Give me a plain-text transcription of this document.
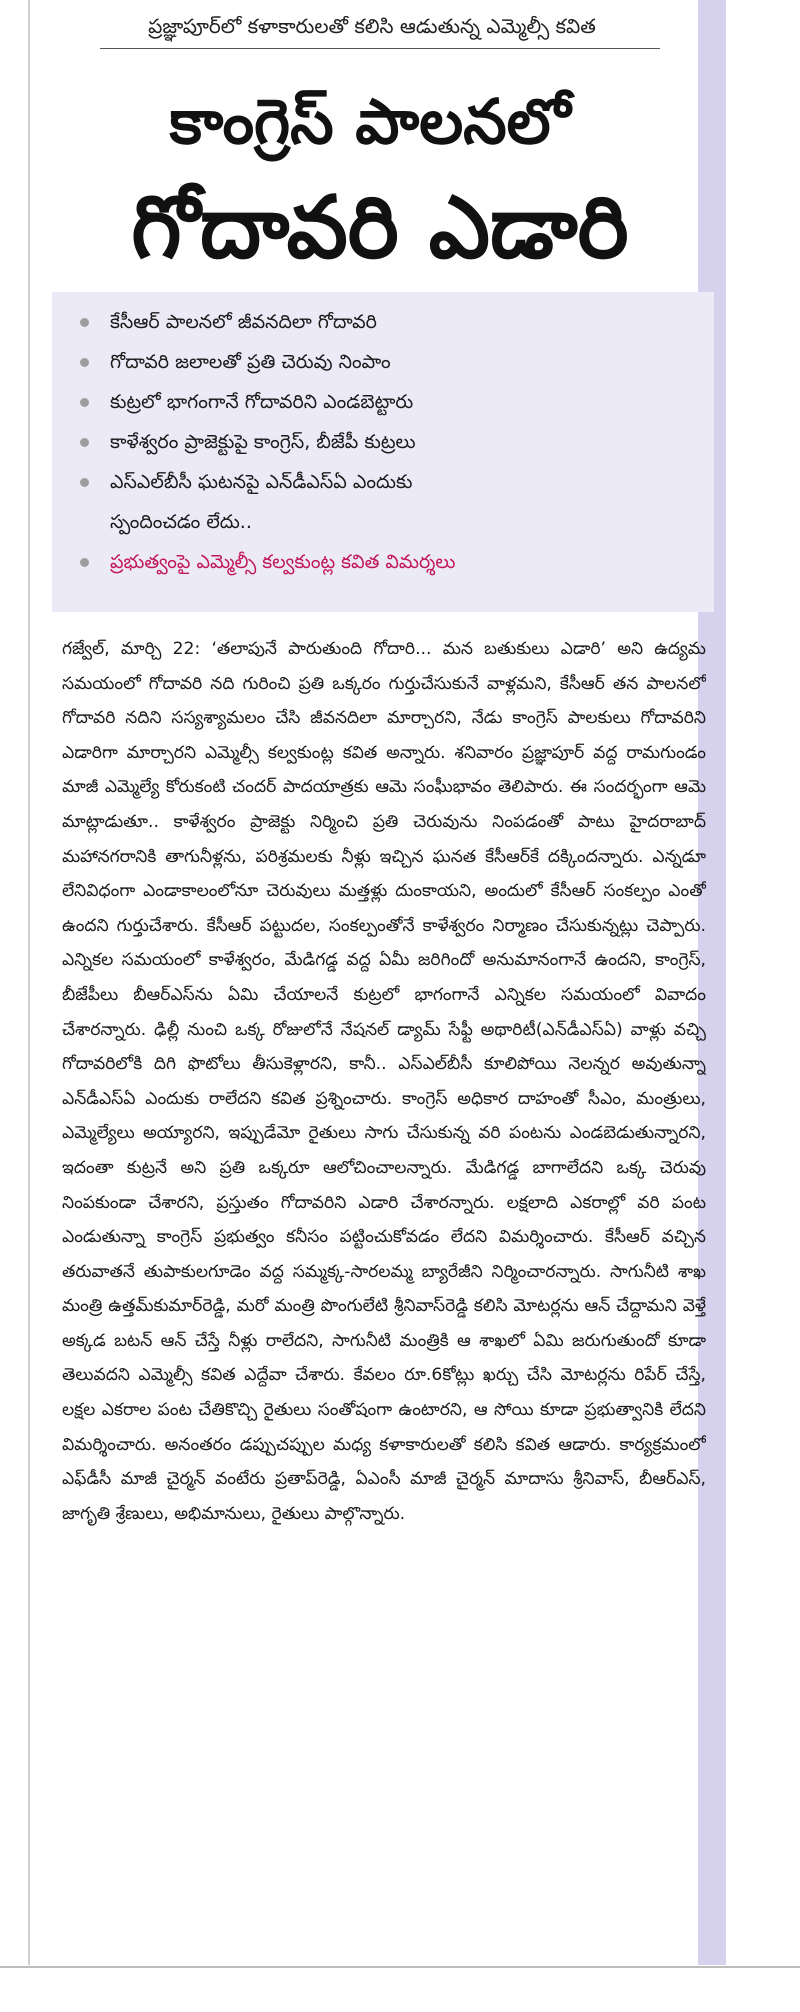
ప్రజ్ఞాపూర్‌లో కళాకారులతో కలిసి ఆడుతున్న ఎమ్మెల్సీ కవిత
కాంగ్రెస్ పాలనలో
గోదావరి ఎడారి
కేసీఆర్ పాలనలో జీవనదిలా గోదావరి
గోదావరి జలాలతో ప్రతి చెరువు నింపాం
కుట్రలో భాగంగానే గోదావరిని ఎండబెట్టారు
కాళేశ్వరం ప్రాజెక్టుపై కాంగ్రెస్, బీజేపీ కుట్రలు
ఎస్ఎల్‌బీసీ ఘటనపై ఎన్‌డీఎస్ఏ ఎందుకు
స్పందించడం లేదు..
ప్రభుత్వంపై ఎమ్మెల్సీ కల్వకుంట్ల కవిత విమర్శలు
గజ్వేల్, మార్చి 22: ‘తలాపునే పారుతుంది గోదారి... మన బతుకులు ఎడారి’ అని ఉద్యమ సమయంలో గోదావరి నది గురించి ప్రతి ఒక్కరం గుర్తుచేసుకునే వాళ్లమని, కేసీఆర్ తన పాలనలో గోదావరి నదిని సస్యశ్యామలం చేసి జీవనదిలా మార్చారని, నేడు కాంగ్రెస్ పాలకులు గోదావరిని ఎడారిగా మార్చారని ఎమ్మెల్సీ కల్వకుంట్ల కవిత అన్నారు. శనివారం ప్రజ్ఞాపూర్ వద్ద రామగుండం మాజీ ఎమ్మెల్యే కోరుకంటి చందర్ పాదయాత్రకు ఆమె సంఘీభావం తెలిపారు. ఈ సందర్భంగా ఆమె మాట్లాడుతూ.. కాళేశ్వరం ప్రాజెక్టు నిర్మించి ప్రతి చెరువును నింపడంతో పాటు హైదరాబాద్ మహానగరానికి తాగునీళ్లను, పరిశ్రమలకు నీళ్లు ఇచ్చిన ఘనత కేసీఆర్‌కే దక్కిందన్నారు. ఎన్నడూ లేనివిధంగా ఎండాకాలంలోనూ చెరువులు మత్తళ్లు దుంకాయని, అందులో కేసీఆర్ సంకల్పం ఎంతో ఉందని గుర్తుచేశారు. కేసీఆర్ పట్టుదల, సంకల్పంతోనే కాళేశ్వరం నిర్మాణం చేసుకున్నట్లు చెప్పారు. ఎన్నికల సమయంలో కాళేశ్వరం, మేడిగడ్డ వద్ద ఏమీ జరిగిందో అనుమానంగానే ఉందని, కాంగ్రెస్, బీజేపీలు బీఆర్ఎస్‌ను ఏమి చేయాలనే కుట్రలో భాగంగానే ఎన్నికల సమయంలో వివాదం చేశారన్నారు. ఢిల్లీ నుంచి ఒక్క రోజులోనే నేషనల్ డ్యామ్ సేఫ్టీ అథారిటీ(ఎన్‌డీఎస్ఏ) వాళ్లు వచ్చి గోదావరిలోకి దిగి ఫొటోలు తీసుకెళ్లారని, కానీ.. ఎస్ఎల్‌బీసీ కూలిపోయి నెలన్నర అవుతున్నా ఎన్‌డీఎస్ఏ ఎందుకు రాలేదని కవిత ప్రశ్నించారు. కాంగ్రెస్ అధికార దాహంతో సీఎం, మంత్రులు, ఎమ్మెల్యేలు అయ్యారని, ఇప్పుడేమో రైతులు సాగు చేసుకున్న వరి పంటను ఎండబెడుతున్నారని, ఇదంతా కుట్రనే అని ప్రతి ఒక్కరూ ఆలోచించాలన్నారు. మేడిగడ్డ బాగాలేదని ఒక్క చెరువు నింపకుండా చేశారని, ప్రస్తుతం గోదావరిని ఎడారి చేశారన్నారు. లక్షలాది ఎకరాల్లో వరి పంట ఎండుతున్నా కాంగ్రెస్ ప్రభుత్వం కనీసం పట్టించుకోవడం లేదని విమర్శించారు. కేసీఆర్ వచ్చిన తరువాతనే తుపాకులగూడెం వద్ద సమ్మక్క-సారలమ్మ బ్యారేజీని నిర్మించారన్నారు. సాగునీటి శాఖ మంత్రి ఉత్తమ్‌కుమార్‌రెడ్డి, మరో మంత్రి పొంగులేటి శ్రీనివాస్‌రెడ్డి కలిసి మోటర్లను ఆన్ చేద్దామని వెళ్తే అక్కడ బటన్ ఆన్ చేస్తే నీళ్లు రాలేదని, సాగునీటి మంత్రికి ఆ శాఖలో ఏమి జరుగుతుందో కూడా తెలువదని ఎమ్మెల్సీ కవిత ఎద్దేవా చేశారు. కేవలం రూ.6కోట్లు ఖర్చు చేసి మోటర్లను రిపేర్ చేస్తే, లక్షల ఎకరాల పంట చేతికొచ్చి రైతులు సంతోషంగా ఉంటారని, ఆ సోయి కూడా ప్రభుత్వానికి లేదని విమర్శించారు. అనంతరం డప్పుచప్పుల మధ్య కళాకారులతో కలిసి కవిత ఆడారు. కార్యక్రమంలో ఎఫ్‌డీసీ మాజీ చైర్మన్ వంటేరు ప్రతాప్‌రెడ్డి, ఏఎంసీ మాజీ చైర్మన్ మాదాసు శ్రీనివాస్, బీఆర్ఎస్, జాగృతి శ్రేణులు, అభిమానులు, రైతులు పాల్గొన్నారు.
